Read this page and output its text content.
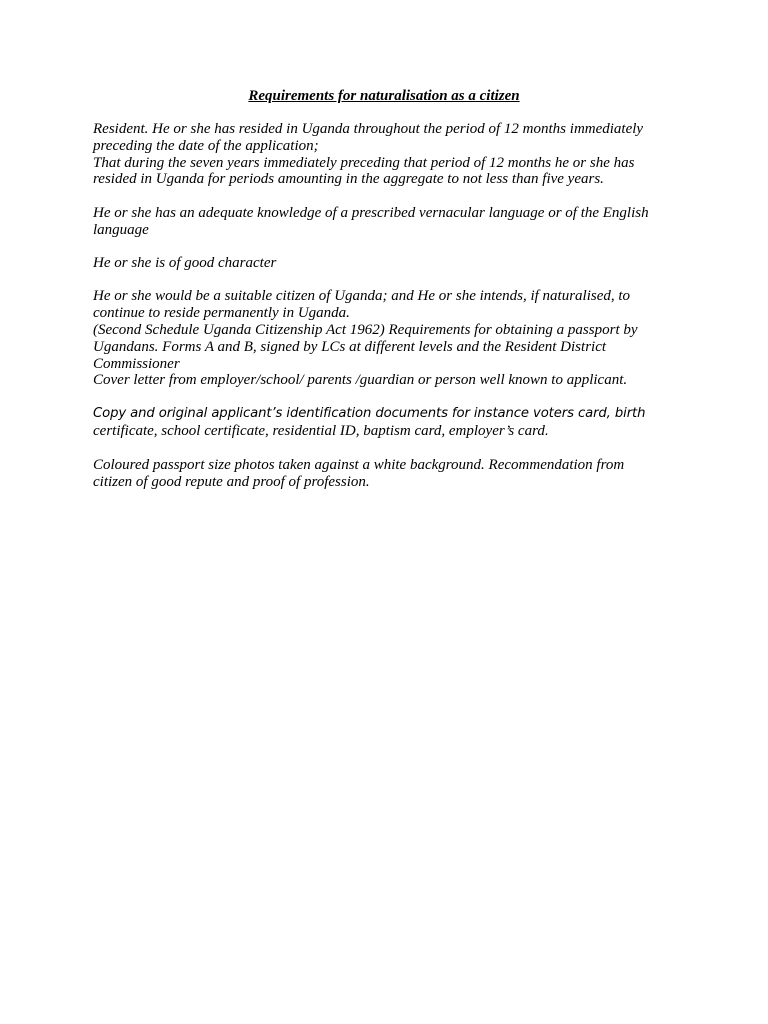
Requirements for naturalisation as a citizen

Resident. He or she has resided in Uganda throughout the period of 12 months immediately
preceding the date of the application;
That during the seven years immediately preceding that period of 12 months he or she has
resided in Uganda for periods amounting in the aggregate to not less than five years.

He or she has an adequate knowledge of a prescribed vernacular language or of the English
language

He or she is of good character

He or she would be a suitable citizen of Uganda; and He or she intends, if naturalised, to
continue to reside permanently in Uganda.
(Second Schedule Uganda Citizenship Act 1962) Requirements for obtaining a passport by
Ugandans. Forms A and B, signed by LCs at different levels and the Resident District
Commissioner
Cover letter from employer/school/ parents /guardian or person well known to applicant.

Copy and original applicant’s identification documents for instance voters card, birth
certificate, school certificate, residential ID, baptism card, employer’s card.

Coloured passport size photos taken against a white background. Recommendation from
citizen of good repute and proof of profession.
